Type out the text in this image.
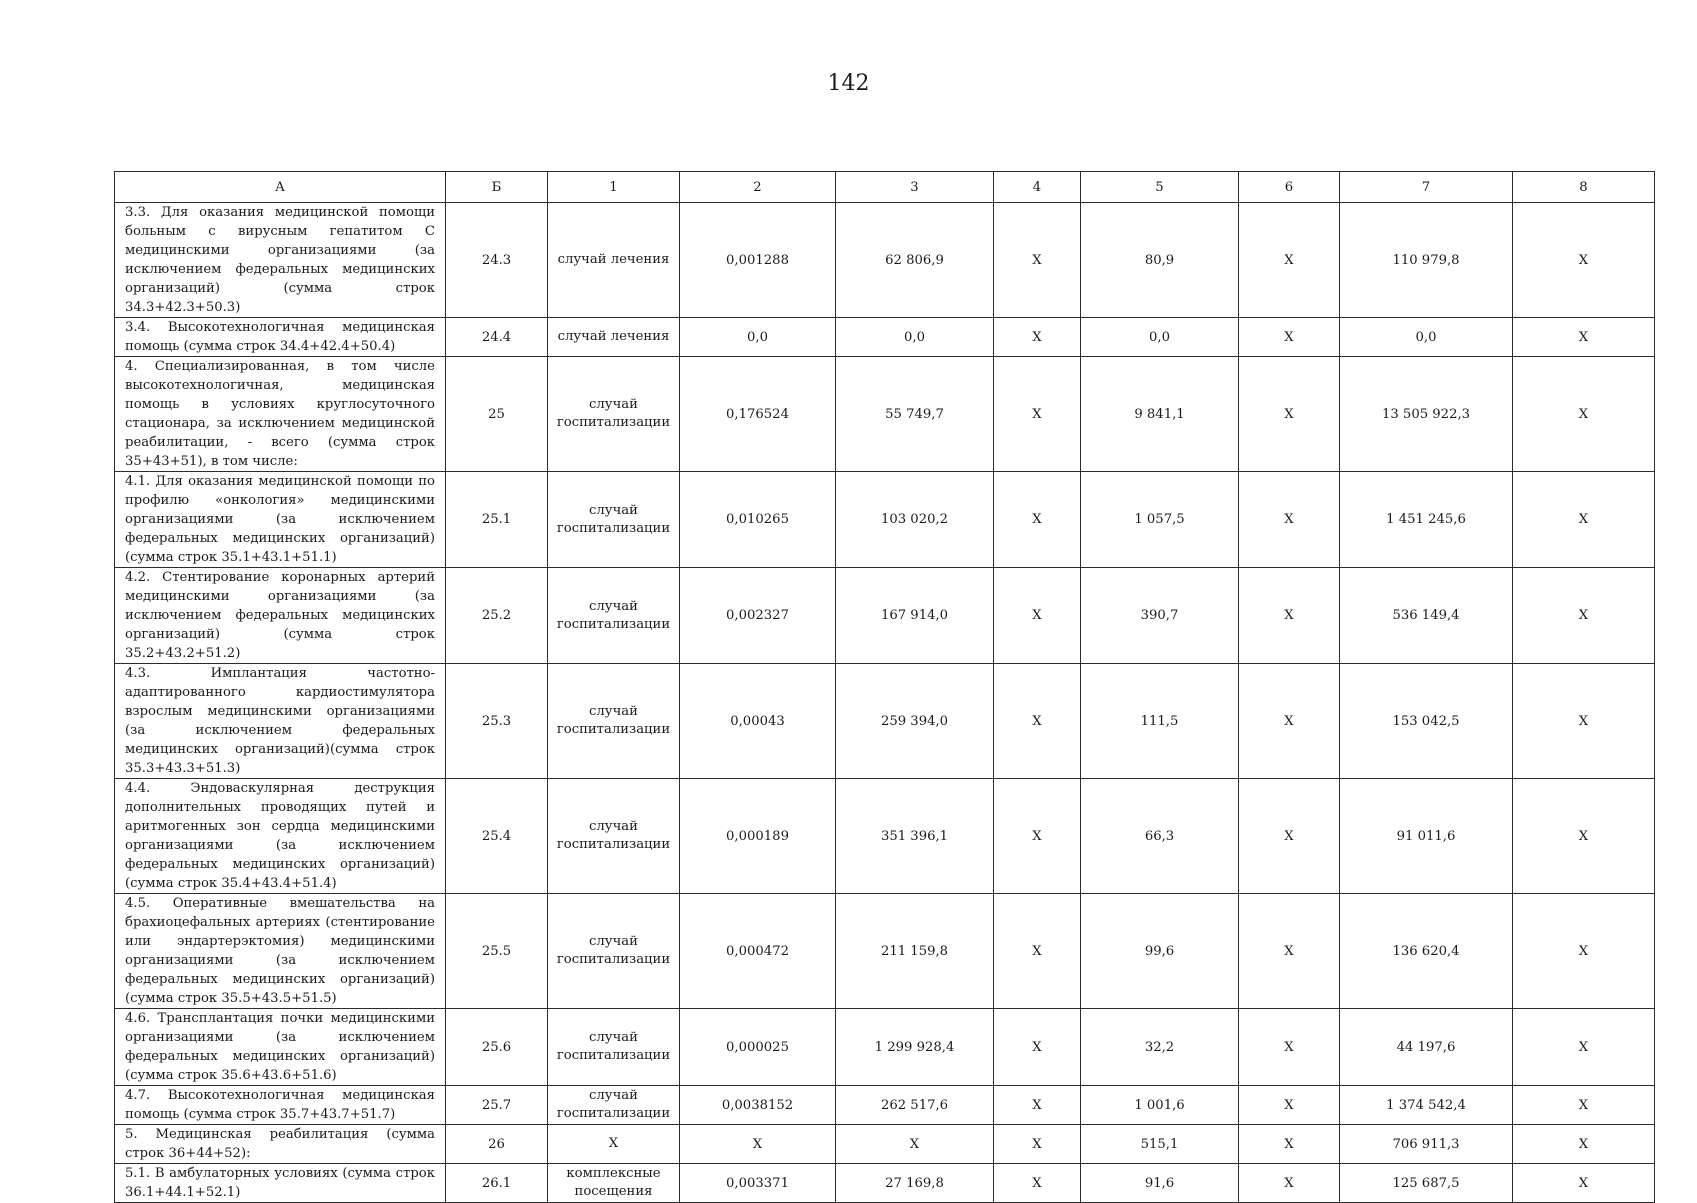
142
А	Б	1	2	3	4	5	6	7	8
3.3. Для оказания медицинской помощи больным с вирусным гепатитом С медицинскими организациями (за исключением федеральных медицинских организаций) (сумма строк 34.3+42.3+50.3)	24.3	случай лечения	0,001288	62 806,9	Х	80,9	Х	110 979,8	Х
3.4. Высокотехнологичная медицинская помощь (сумма строк 34.4+42.4+50.4)	24.4	случай лечения	0,0	0,0	Х	0,0	Х	0,0	Х
4. Специализированная, в том числе высокотехнологичная, медицинская помощь в условиях круглосуточного стационара, за исключением медицинской реабилитации, - всего (сумма строк 35+43+51), в том числе:	25	случай госпитализации	0,176524	55 749,7	Х	9 841,1	Х	13 505 922,3	Х
4.1. Для оказания медицинской помощи по профилю «онкология» медицинскими организациями (за исключением федеральных медицинских организаций) (сумма строк 35.1+43.1+51.1)	25.1	случай госпитализации	0,010265	103 020,2	Х	1 057,5	Х	1 451 245,6	Х
4.2. Стентирование коронарных артерий медицинскими организациями (за исключением федеральных медицинских организаций) (сумма строк 35.2+43.2+51.2)	25.2	случай госпитализации	0,002327	167 914,0	Х	390,7	Х	536 149,4	Х
4.3. Имплантация частотно-адаптированного кардиостимулятора взрослым медицинскими организациями (за исключением федеральных медицинских организаций)(сумма строк 35.3+43.3+51.3)	25.3	случай госпитализации	0,00043	259 394,0	Х	111,5	Х	153 042,5	Х
4.4. Эндоваскулярная деструкция дополнительных проводящих путей и аритмогенных зон сердца медицинскими организациями (за исключением федеральных медицинских организаций)(сумма строк 35.4+43.4+51.4)	25.4	случай госпитализации	0,000189	351 396,1	Х	66,3	Х	91 011,6	Х
4.5. Оперативные вмешательства на брахиоцефальных артериях (стентирование или эндартерэктомия) медицинскими организациями (за исключением федеральных медицинских организаций) (сумма строк 35.5+43.5+51.5)	25.5	случай госпитализации	0,000472	211 159,8	Х	99,6	Х	136 620,4	Х
4.6. Трансплантация почки медицинскими организациями (за исключением федеральных медицинских организаций) (сумма строк 35.6+43.6+51.6)	25.6	случай госпитализации	0,000025	1 299 928,4	Х	32,2	Х	44 197,6	Х
4.7. Высокотехнологичная медицинская помощь (сумма строк 35.7+43.7+51.7)	25.7	случай госпитализации	0,0038152	262 517,6	Х	1 001,6	Х	1 374 542,4	Х
5. Медицинская реабилитация (сумма строк 36+44+52):	26	Х	Х	Х	Х	515,1	Х	706 911,3	Х
5.1. В амбулаторных условиях (сумма строк 36.1+44.1+52.1)	26.1	комплексные посещения	0,003371	27 169,8	Х	91,6	Х	125 687,5	Х
